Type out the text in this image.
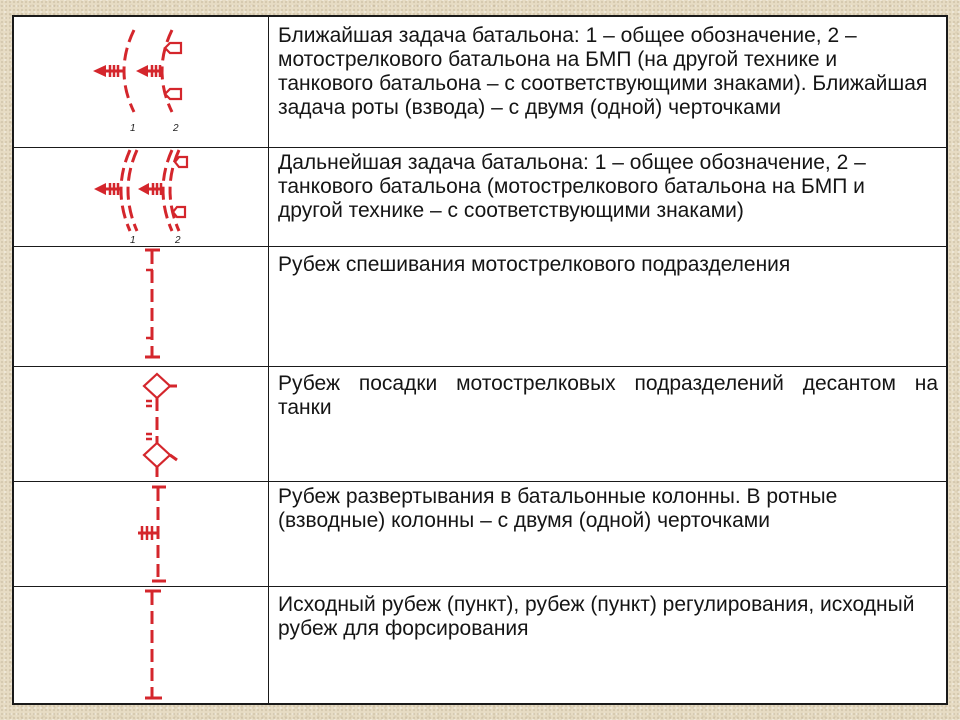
1	2
Ближайшая задача батальона: 1 – общее обозначение, 2 –
мотострелкового батальона на БМП (на другой технике и
танкового батальона – с соответствующими знаками). Ближайшая
задача роты (взвода) – с двумя (одной) черточками
1	2
Дальнейшая задача батальона: 1 – общее обозначение, 2 –
танкового батальона (мотострелкового батальона на БМП и
другой технике – с соответствующими знаками)
Рубеж спешивания мотострелкового подразделения
Рубеж посадки мотострелковых подразделений десантом на
танки
Рубеж развертывания в батальонные колонны. В ротные
(взводные) колонны – с двумя (одной) черточками
Исходный рубеж (пункт), рубеж (пункт) регулирования, исходный
рубеж для форсирования
